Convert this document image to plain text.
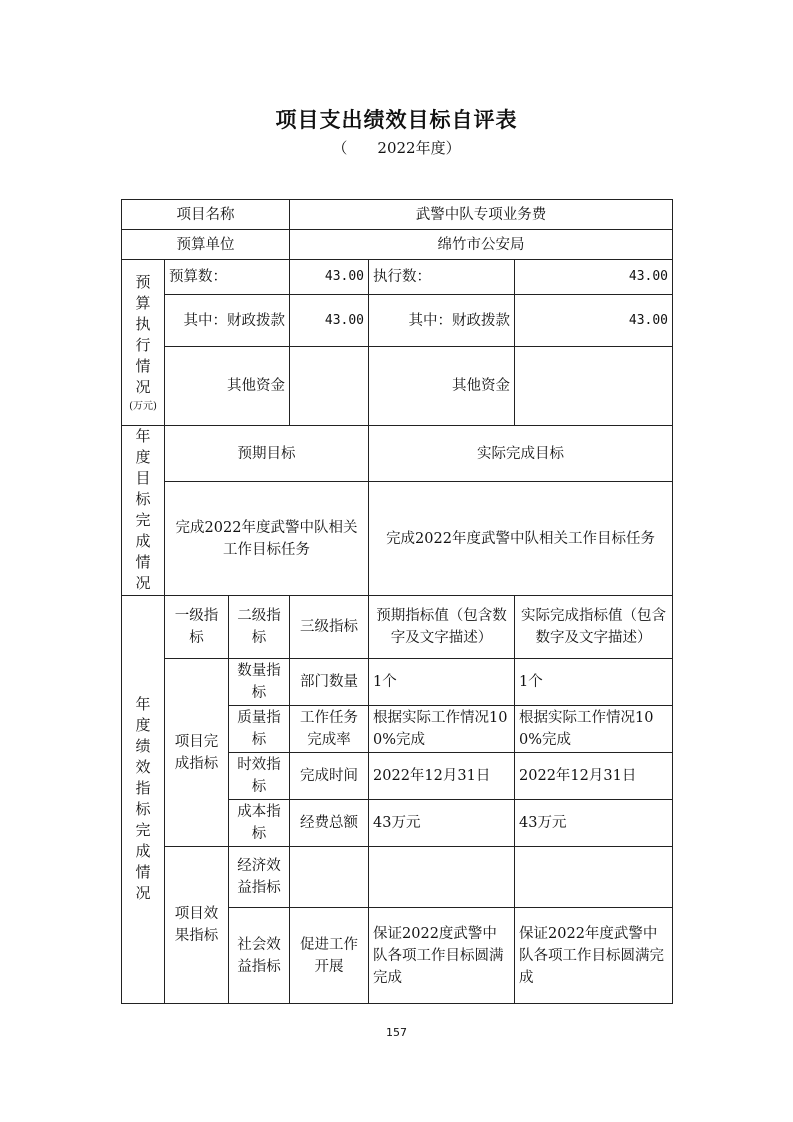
项目支出绩效目标自评表
（ 2022年度）
项目名称			武警中队专项业务费		
预算单位			绵竹市公安局		
预算执行情况
(万元)	预算数：		43.00	执行数：	43.00
	其中：财政拨款		43.00	其中：财政拨款	43.00
	其他资金			其他资金	
年度目标完成情况	预期目标			实际完成目标	
	完成2022年度武警中队相关工作目标任务			完成2022年度武警中队相关工作目标任务	
年度绩效指标完成情况	一级指标	二级指标	三级指标	预期指标值（包含数字及文字描述）	实际完成指标值（包含数字及文字描述）
	项目完成指标	数量指标	部门数量	1个	1个
		质量指标	工作任务完成率	根据实际工作情况100%完成	根据实际工作情况100%完成
		时效指标	完成时间	2022年12月31日	2022年12月31日
		成本指标	经费总额	43万元	43万元
	项目效果指标	经济效益指标			
		社会效益指标	促进工作开展	保证2022度武警中队各项工作目标圆满完成	保证2022年度武警中队各项工作目标圆满完成

157
